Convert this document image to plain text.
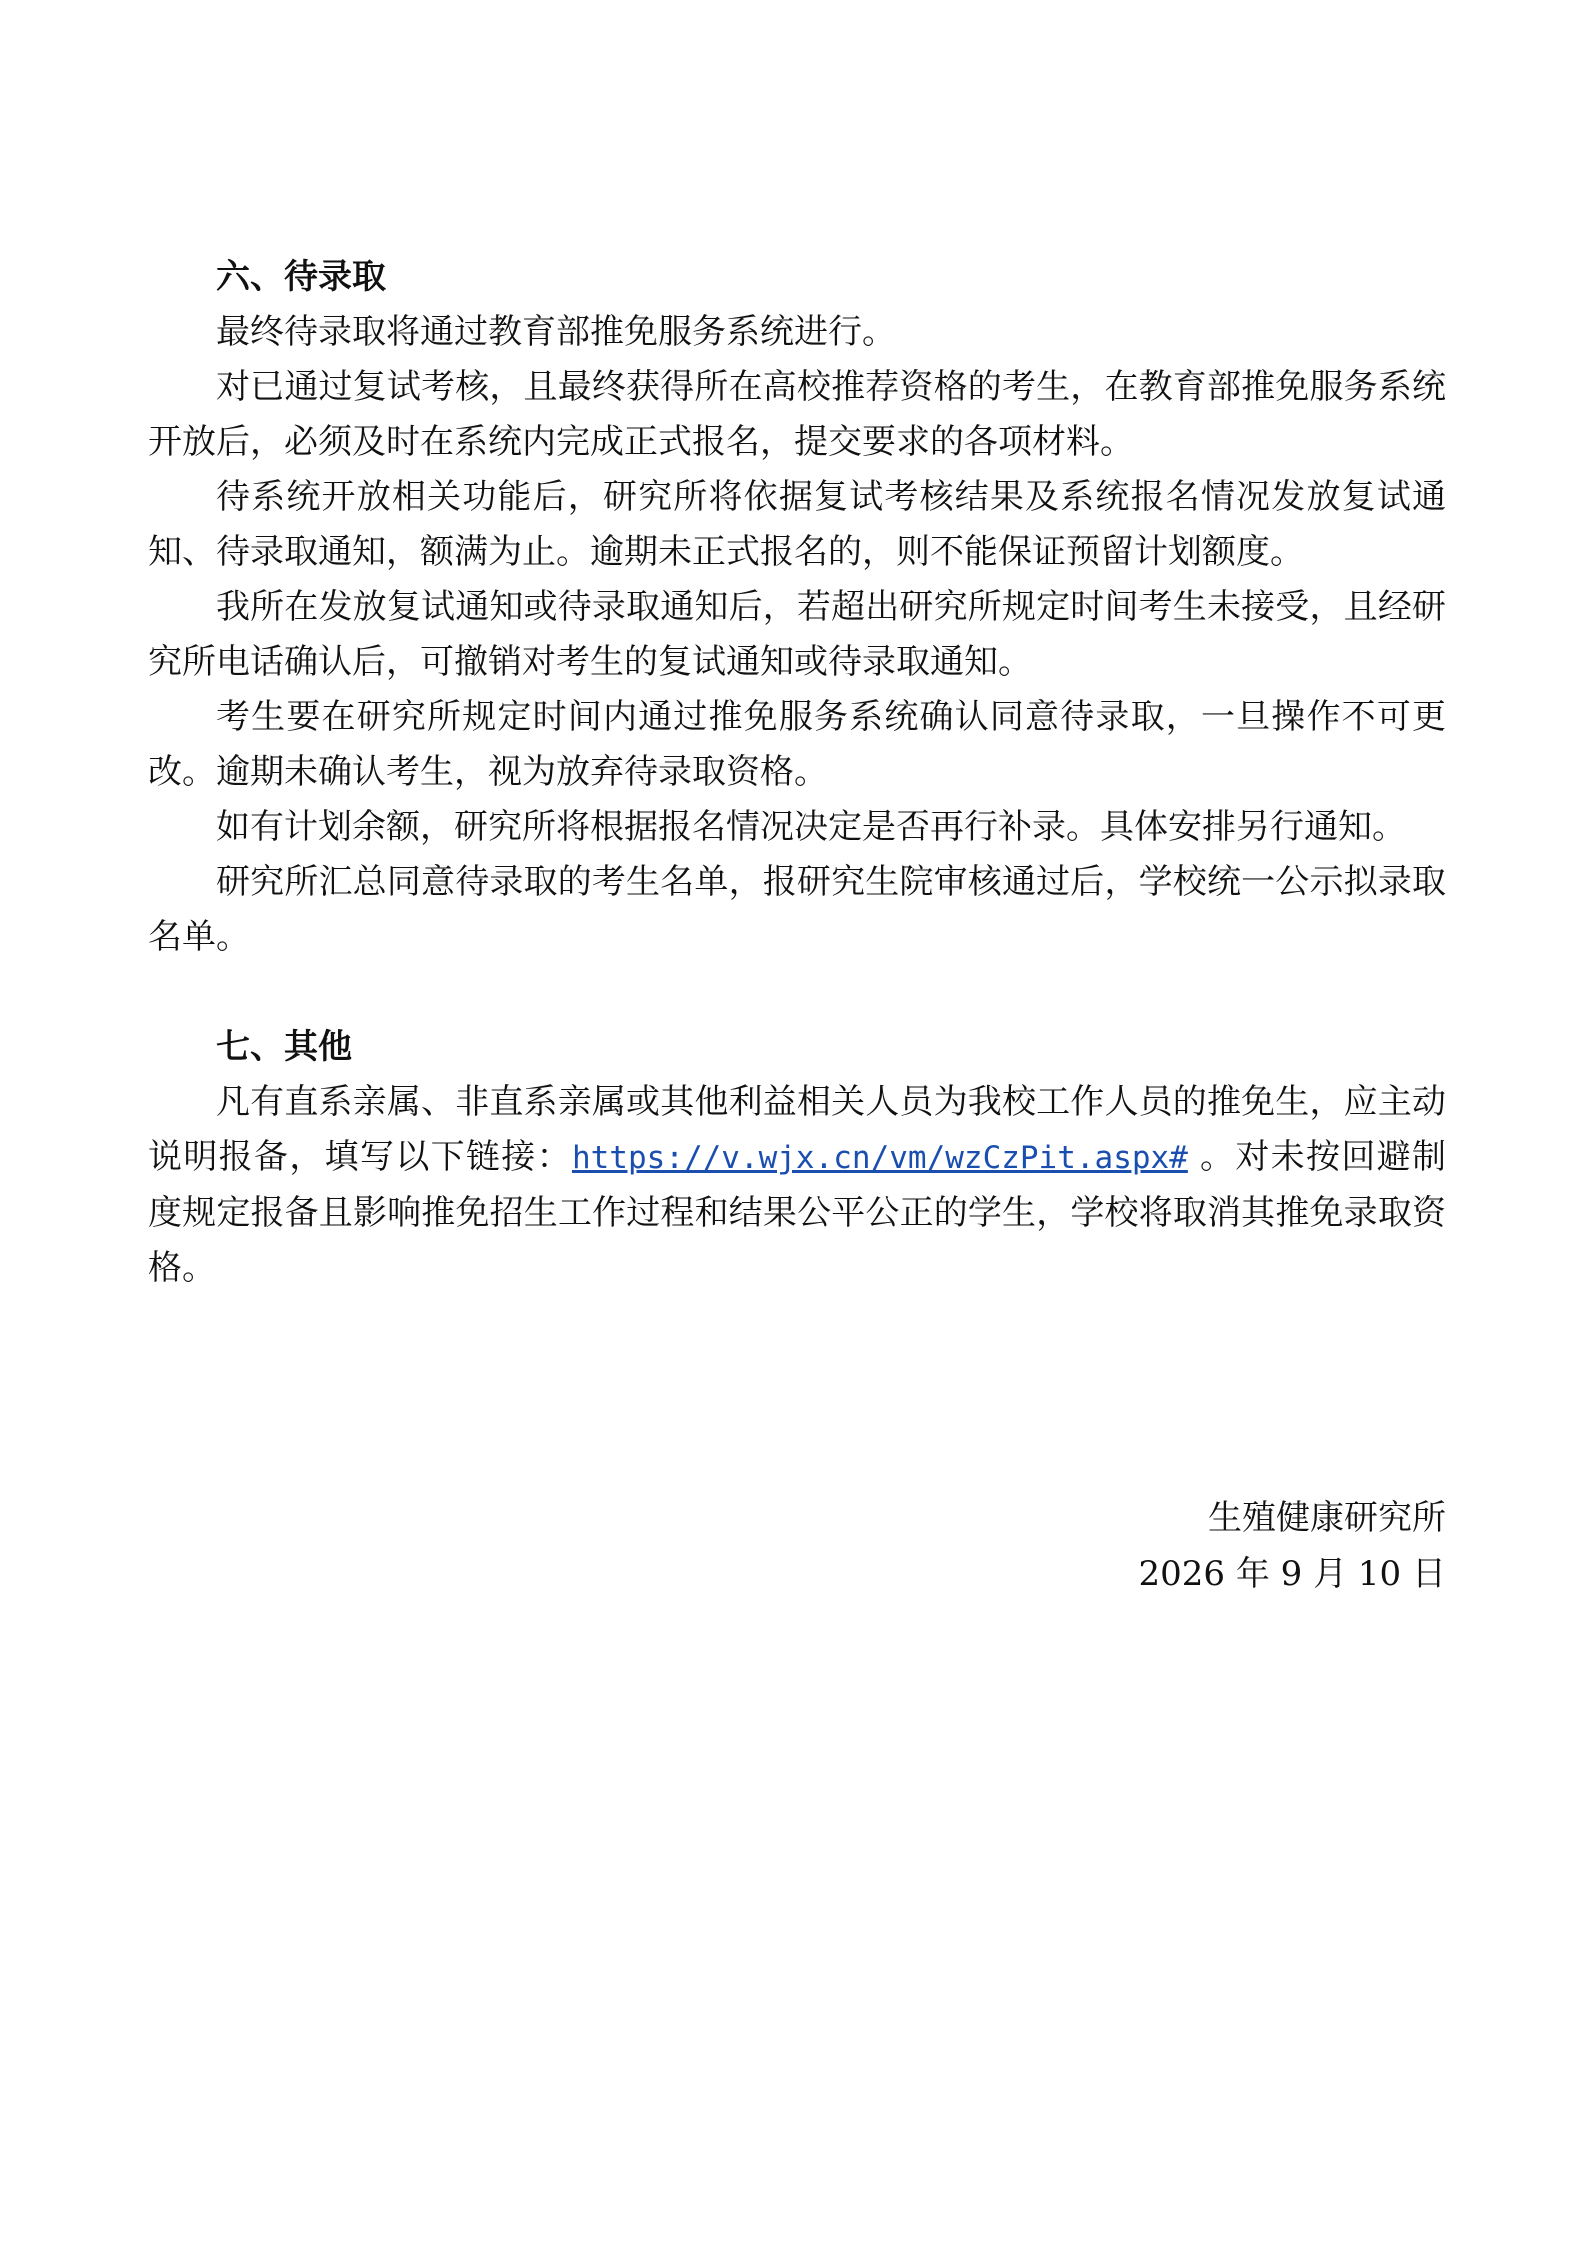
六、待录取

最终待录取将通过教育部推免服务系统进行。

对已通过复试考核，且最终获得所在高校推荐资格的考生，在教育部推免服务系统开放后，必须及时在系统内完成正式报名，提交要求的各项材料。

待系统开放相关功能后，研究所将依据复试考核结果及系统报名情况发放复试通知、待录取通知，额满为止。逾期未正式报名的，则不能保证预留计划额度。

我所在发放复试通知或待录取通知后，若超出研究所规定时间考生未接受，且经研究所电话确认后，可撤销对考生的复试通知或待录取通知。

考生要在研究所规定时间内通过推免服务系统确认同意待录取，一旦操作不可更改。逾期未确认考生，视为放弃待录取资格。

如有计划余额，研究所将根据报名情况决定是否再行补录。具体安排另行通知。

研究所汇总同意待录取的考生名单，报研究生院审核通过后，学校统一公示拟录取名单。

七、其他

凡有直系亲属、非直系亲属或其他利益相关人员为我校工作人员的推免生，应主动说明报备，填写以下链接：https://v.wjx.cn/vm/wzCzPit.aspx# 。对未按回避制度规定报备且影响推免招生工作过程和结果公平公正的学生，学校将取消其推免录取资格。

生殖健康研究所
2026 年 9 月 10 日
